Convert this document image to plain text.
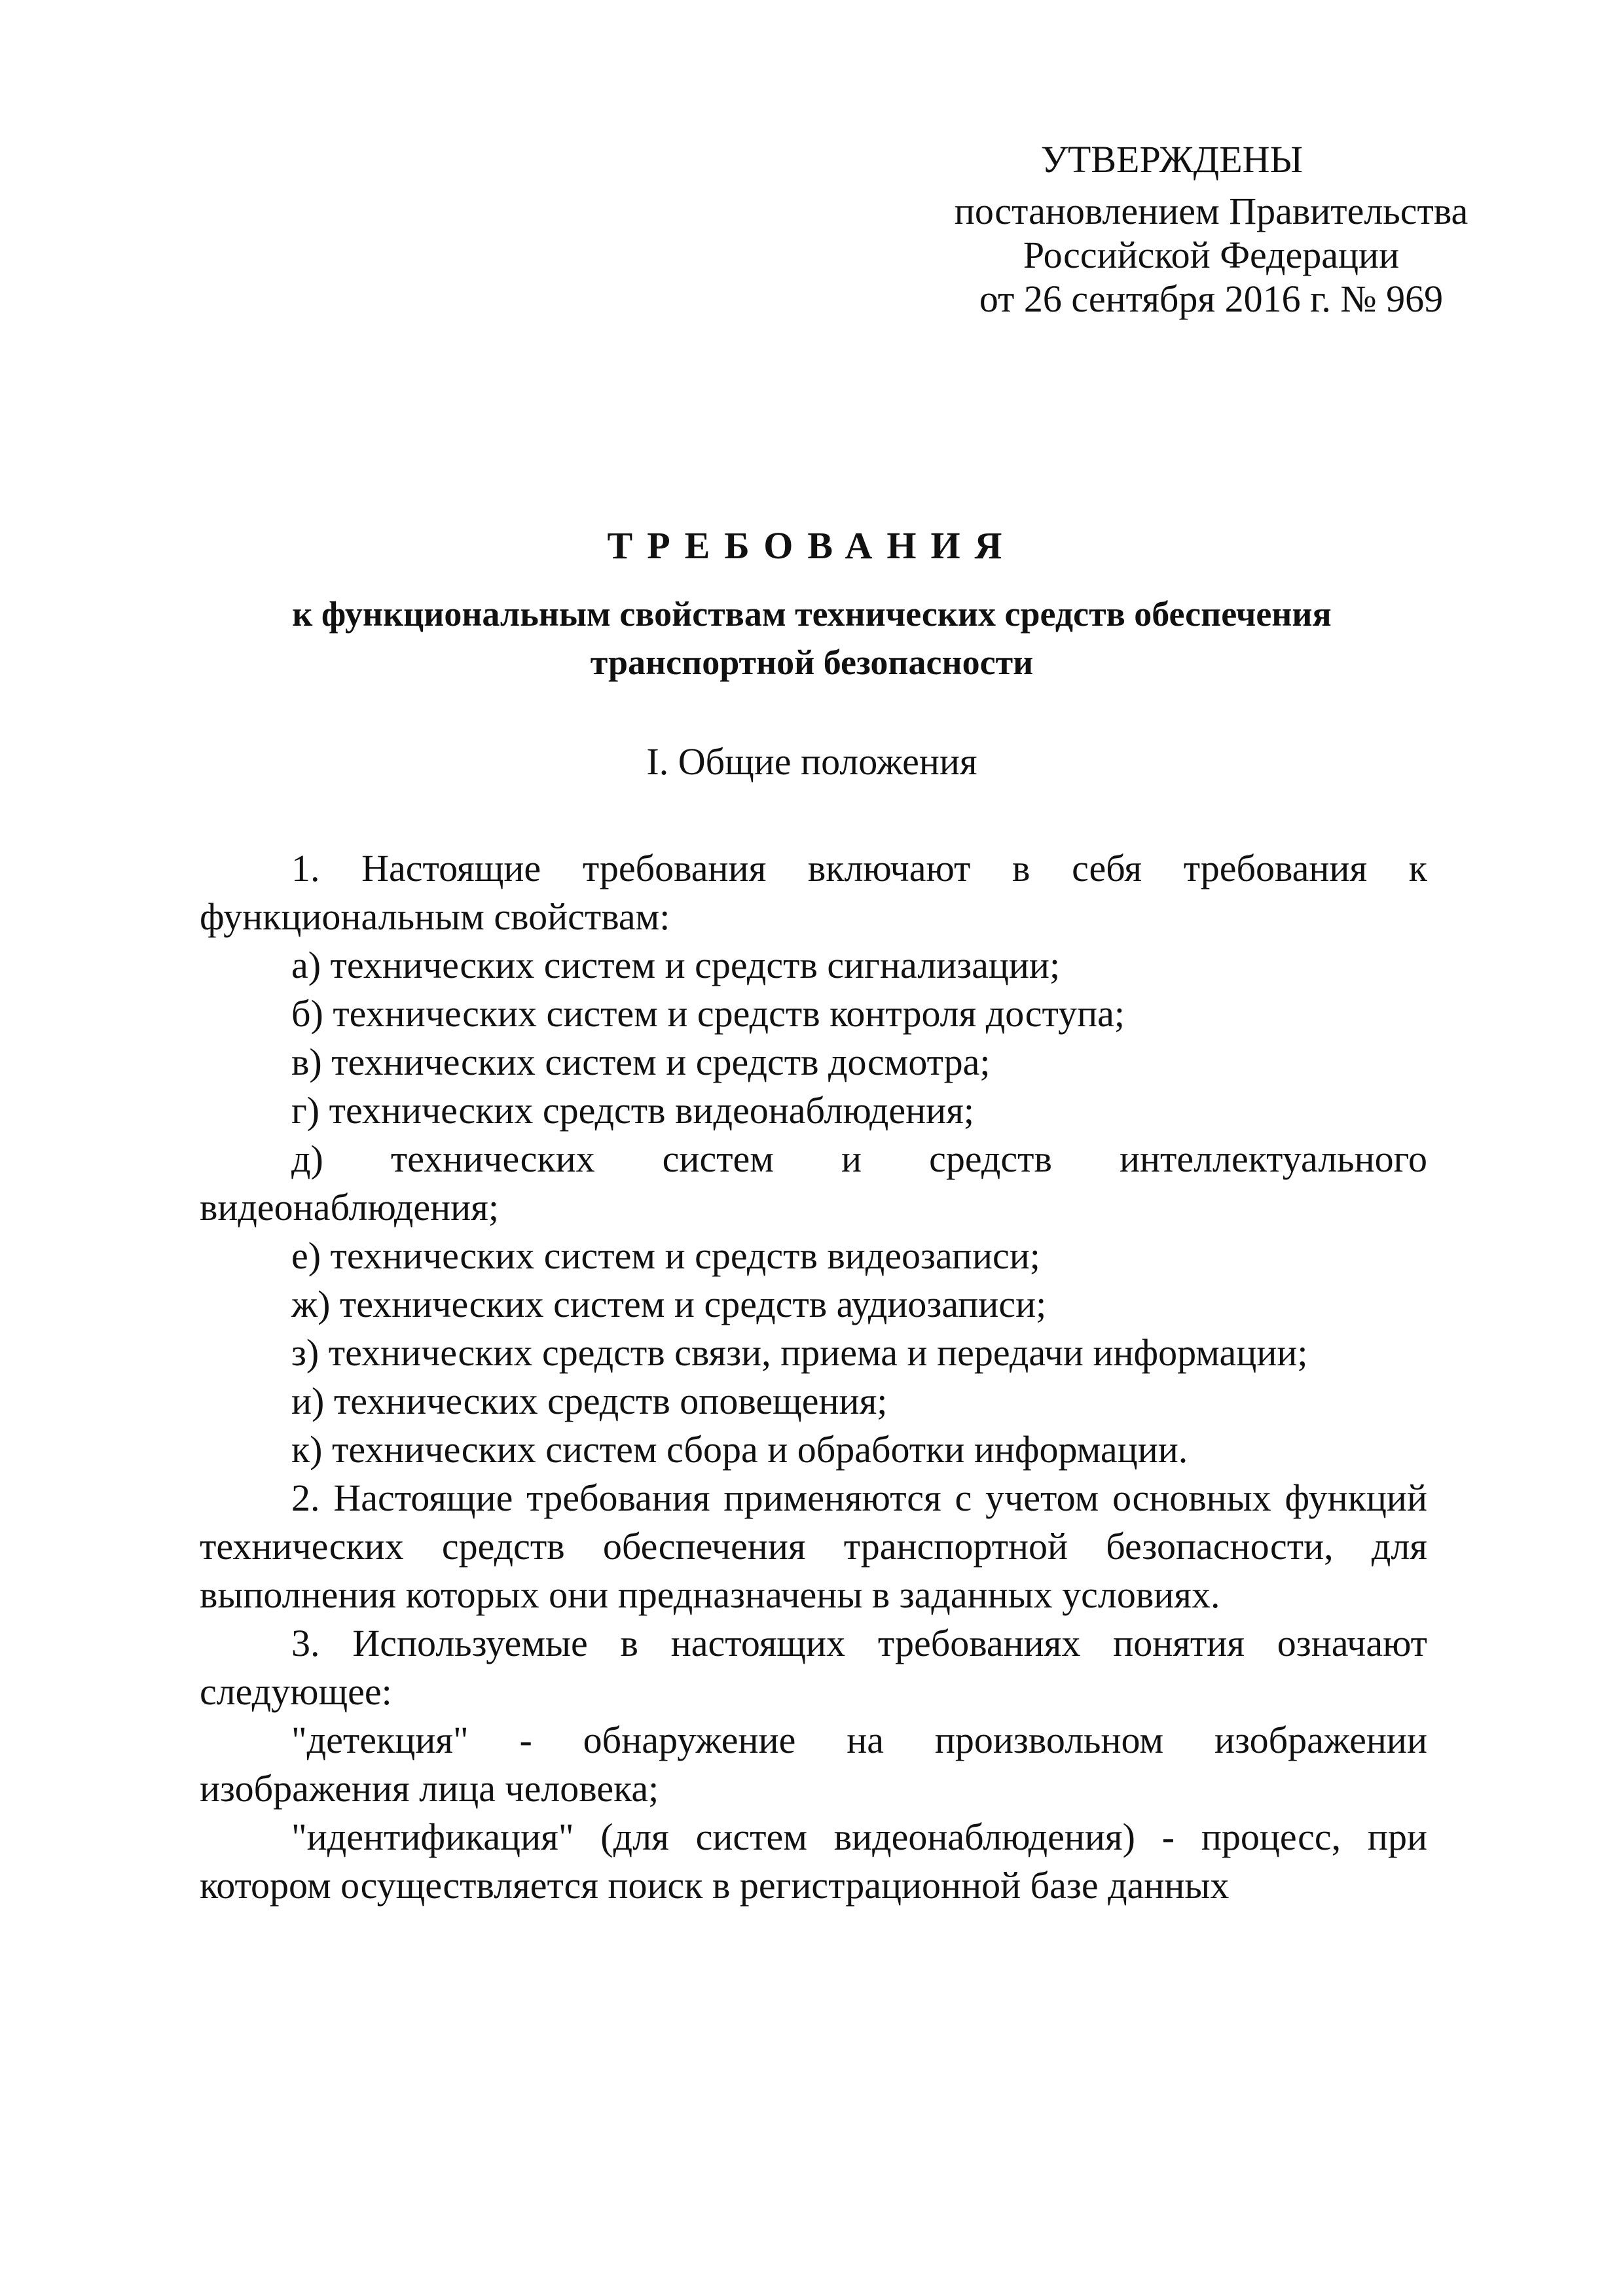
УТВЕРЖДЕНЫ
постановлением Правительства
Российской Федерации
от 26 сентября 2016 г. № 969
ТРЕБОВАНИЯ
к функциональным свойствам технических средств обеспечения
транспортной безопасности
I. Общие положения

1. Настоящие требования включают в себя требования к функциональным свойствам:

а) технических систем и средств сигнализации;

б) технических систем и средств контроля доступа;

в) технических систем и средств досмотра;

г) технических средств видеонаблюдения;

д) технических систем и средств интеллектуального видеонаблюдения;

е) технических систем и средств видеозаписи;

ж) технических систем и средств аудиозаписи;

з) технических средств связи, приема и передачи информации;

и) технических средств оповещения;

к) технических систем сбора и обработки информации.

2. Настоящие требования применяются с учетом основных функций технических средств обеспечения транспортной безопасности, для выполнения которых они предназначены в заданных условиях.

3. Используемые в настоящих требованиях понятия означают следующее:

"детекция" - обнаружение на произвольном изображении изображения лица человека;

"идентификация" (для систем видеонаблюдения) - процесс, при котором осуществляется поиск в регистрационной базе данных
